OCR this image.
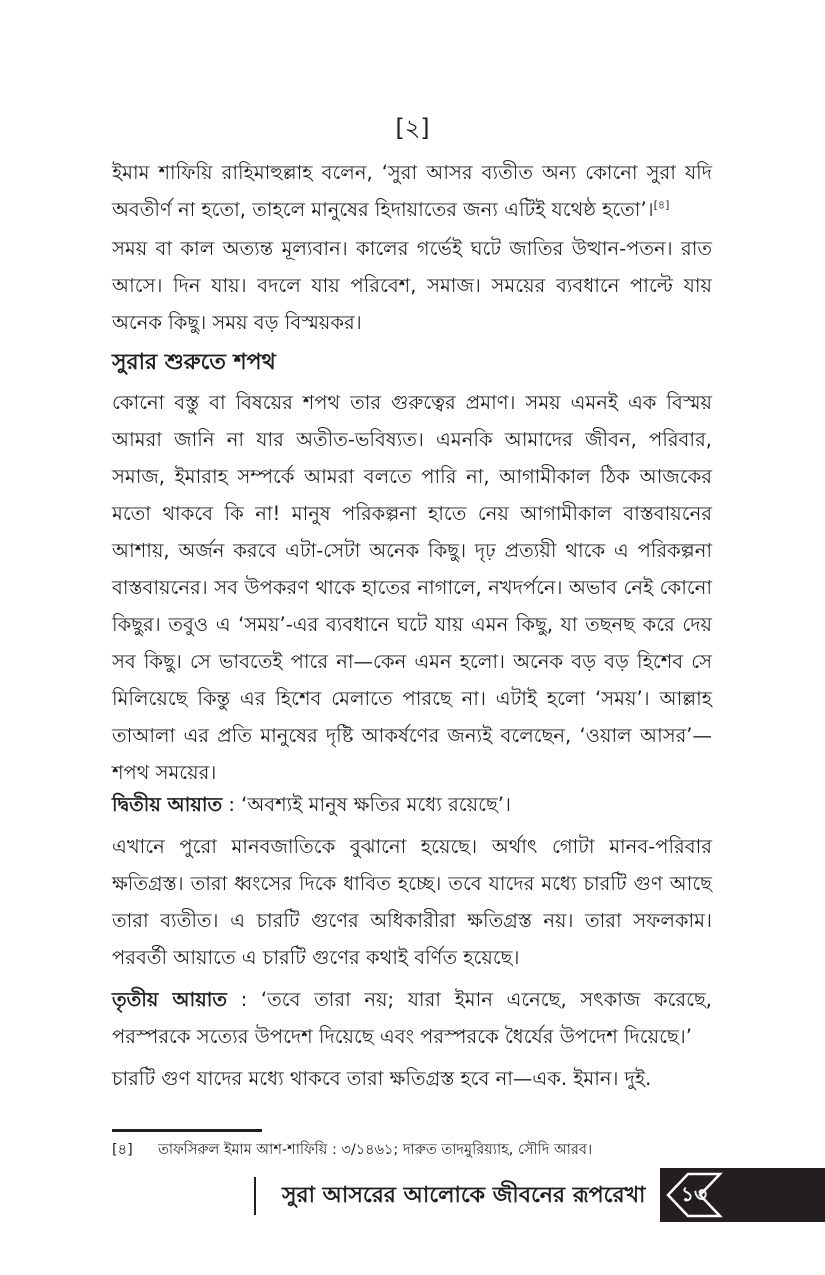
[২]

ইমাম শাফিয়ি রাহিমাহুল্লাহ বলেন, ‘সুরা আসর ব্যতীত অন্য কোনো সুরা যদি অবতীর্ণ না হতো, তাহলে মানুষের হিদায়াতের জন্য এটিই যথেষ্ঠ হতো’।[৪]

সময় বা কাল অত্যন্ত মূল্যবান। কালের গর্ভেই ঘটে জাতির উত্থান-পতন। রাত আসে। দিন যায়। বদলে যায় পরিবেশ, সমাজ। সময়ের ব্যবধানে পাল্টে যায় অনেক কিছু। সময় বড় বিস্ময়কর।

সুরার শুরুতে শপথ

কোনো বস্তু বা বিষয়ের শপথ তার গুরুত্বের প্রমাণ। সময় এমনই এক বিস্ময় আমরা জানি না যার অতীত-ভবিষ্যত। এমনকি আমাদের জীবন, পরিবার, সমাজ, ইমারাহ সম্পর্কে আমরা বলতে পারি না, আগামীকাল ঠিক আজকের মতো থাকবে কি না! মানুষ পরিকল্পনা হাতে নেয় আগামীকাল বাস্তবায়নের আশায়, অর্জন করবে এটা-সেটা অনেক কিছু। দৃঢ় প্রত্যয়ী থাকে এ পরিকল্পনা বাস্তবায়নের। সব উপকরণ থাকে হাতের নাগালে, নখদর্পনে। অভাব নেই কোনো কিছুর। তবুও এ ‘সময়’-এর ব্যবধানে ঘটে যায় এমন কিছু, যা তছনছ করে দেয় সব কিছু। সে ভাবতেই পারে না—কেন এমন হলো। অনেক বড় বড় হিশেব সে মিলিয়েছে কিন্তু এর হিশেব মেলাতে পারছে না। এটাই হলো ‘সময়’। আল্লাহ তাআলা এর প্রতি মানুষের দৃষ্টি আকর্ষণের জন্যই বলেছেন, ‘ওয়াল আসর’—শপথ সময়ের।

দ্বিতীয় আয়াত : ‘অবশ্যই মানুষ ক্ষতির মধ্যে রয়েছে’।

এখানে পুরো মানবজাতিকে বুঝানো হয়েছে। অর্থাৎ গোটা মানব-পরিবার ক্ষতিগ্রস্ত। তারা ধ্বংসের দিকে ধাবিত হচ্ছে। তবে যাদের মধ্যে চারটি গুণ আছে তারা ব্যতীত। এ চারটি গুণের অধিকারীরা ক্ষতিগ্রস্ত নয়। তারা সফলকাম। পরবর্তী আয়াতে এ চারটি গুণের কথাই বর্ণিত হয়েছে।

তৃতীয় আয়াত : ‘তবে তারা নয়; যারা ইমান এনেছে, সৎকাজ করেছে, পরস্পরকে সত্যের উপদেশ দিয়েছে এবং পরস্পরকে ধৈর্যের উপদেশ দিয়েছে।’

চারটি গুণ যাদের মধ্যে থাকবে তারা ক্ষতিগ্রস্ত হবে না—এক. ইমান। দুই.

[৪] তাফসিরুল ইমাম আশ-শাফিয়ি : ৩/১৪৬১; দারুত তাদমুরিয়্যাহ, সৌদি আরব।
সুরা আসরের আলোকে জীবনের রূপরেখা	১৩
